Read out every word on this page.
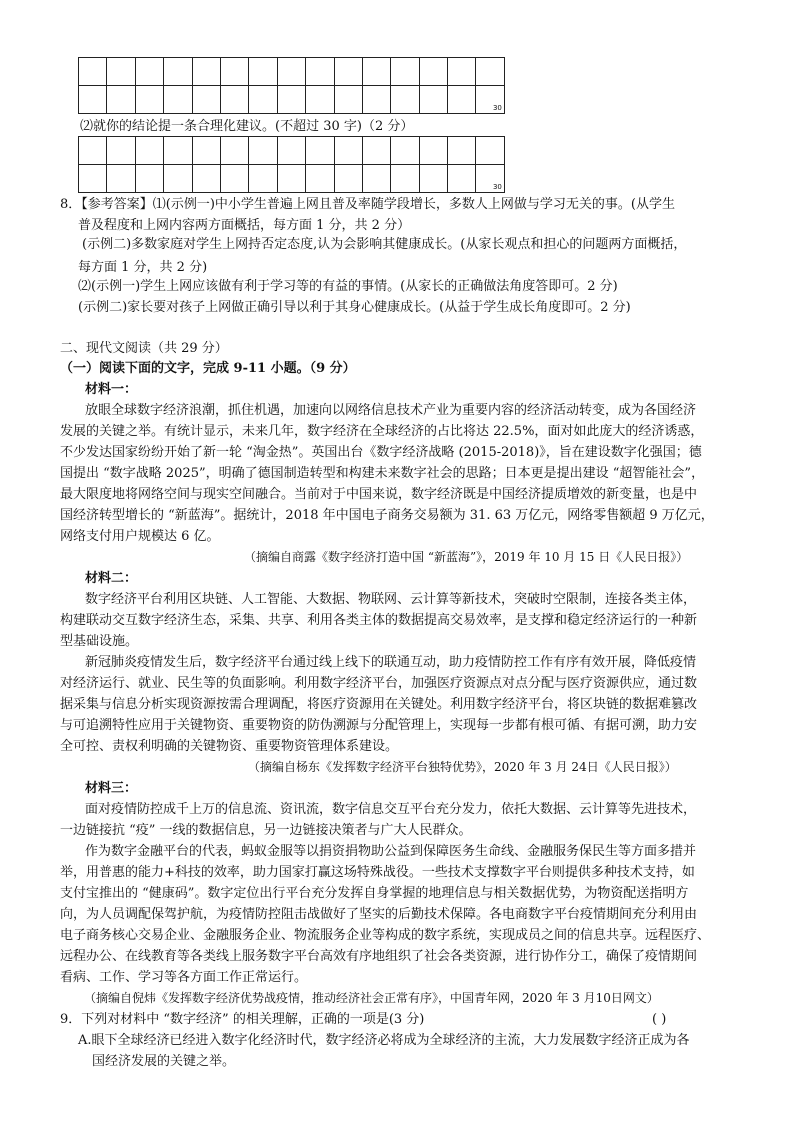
														30
⑵就你的结论提一条合理化建议。(不超过 30 字)（2 分）

														30
8．【参考答案】⑴(示例一)中小学生普遍上网且普及率随学段增长，多数人上网做与学习无关的事。(从学生
普及程度和上网内容两方面概括，每方面 1 分，共 2 分）
(示例二)多数家庭对学生上网持否定态度,认为会影响其健康成长。(从家长观点和担心的问题两方面概括，
每方面 1 分，共 2 分)
⑵(示例一)学生上网应该做有利于学习等的有益的事情。(从家长的正确做法角度答即可。2 分)
(示例二)家长要对孩子上网做正确引导以利于其身心健康成长。(从益于学生成长角度即可。2 分)
二、现代文阅读（共 29 分）
（一）阅读下面的文字，完成 9-11 小题。（9 分）
材料一：
放眼全球数字经济浪潮，抓住机遇，加速向以网络信息技术产业为重要内容的经济活动转变，成为各国经济
发展的关键之举。有统计显示，未来几年，数字经济在全球经济的占比将达 22.5%，面对如此庞大的经济诱惑，
不少发达国家纷纷开始了新一轮 “淘金热”。英国出台《数字经济战略 (2015-2018)》，旨在建设数字化强国；德
国提出 “数字战略 2025”，明确了德国制造转型和构建未来数字社会的思路；日本更是提出建设 “超智能社会”，
最大限度地将网络空间与现实空间融合。当前对于中国来说，数字经济既是中国经济提质增效的新变量，也是中
国经济转型增长的 “新蓝海”。据统计，2018 年中国电子商务交易额为 31. 63 万亿元，网络零售额超 9 万亿元，
网络支付用户规模达 6 亿。
（摘编自商露《数字经济打造中国 “新蓝海”》，2019 年 10 月 15 日《人民日报》）
材料二：
数字经济平台利用区块链、人工智能、大数据、物联网、云计算等新技术，突破时空限制，连接各类主体，
构建联动交互数字经济生态，采集、共享、利用各类主体的数据提高交易效率，是支撑和稳定经济运行的一种新
型基础设施。
新冠肺炎疫情发生后，数字经济平台通过线上线下的联通互动，助力疫情防控工作有序有效开展，降低疫情
对经济运行、就业、民生等的负面影响。利用数字经济平台，加强医疗资源点对点分配与医疗资源供应，通过数
据采集与信息分析实现资源按需合理调配，将医疗资源用在关键处。利用数字经济平台，将区块链的数据难篡改
与可追溯特性应用于关键物资、重要物资的防伪溯源与分配管理上，实现每一步都有根可循、有据可溯，助力安
全可控、责权利明确的关键物资、重要物资管理体系建设。
（摘编自杨东《发挥数字经济平台独特优势》，2020 年 3 月 24日《人民日报》）
材料三：
面对疫情防控成千上万的信息流、资讯流，数字信息交互平台充分发力，依托大数据、云计算等先进技术，
一边链接抗 “疫” 一线的数据信息，另一边链接决策者与广大人民群众。
作为数字金融平台的代表，蚂蚁金服等以捐资捐物助公益到保障医务生命线、金融服务保民生等方面多措并
举，用普惠的能力+科技的效率，助力国家打赢这场特殊战役。一些技术支撑数字平台则提供多种技术支持，如
支付宝推出的 “健康码”。数字定位出行平台充分发挥自身掌握的地理信息与相关数据优势，为物资配送指明方
向，为人员调配保驾护航，为疫情防控阻击战做好了坚实的后勤技术保障。各电商数字平台疫情期间充分利用由
电子商务核心交易企业、金融服务企业、物流服务企业等构成的数字系统，实现成员之间的信息共享。远程医疗、
远程办公、在线教育等各类线上服务数字平台高效有序地组织了社会各类资源，进行协作分工，确保了疫情期间
看病、工作、学习等各方面工作正常运行。
（摘编自倪炜《发挥数字经济优势战疫情，推动经济社会正常有序》，中国青年网，2020 年 3 月10日网文）
9．下列对材料中 “数字经济” 的相关理解，正确的一项是(3 分)	( )
A.眼下全球经济已经进入数字化经济时代，数字经济必将成为全球经济的主流，大力发展数字经济正成为各
国经济发展的关键之举。
